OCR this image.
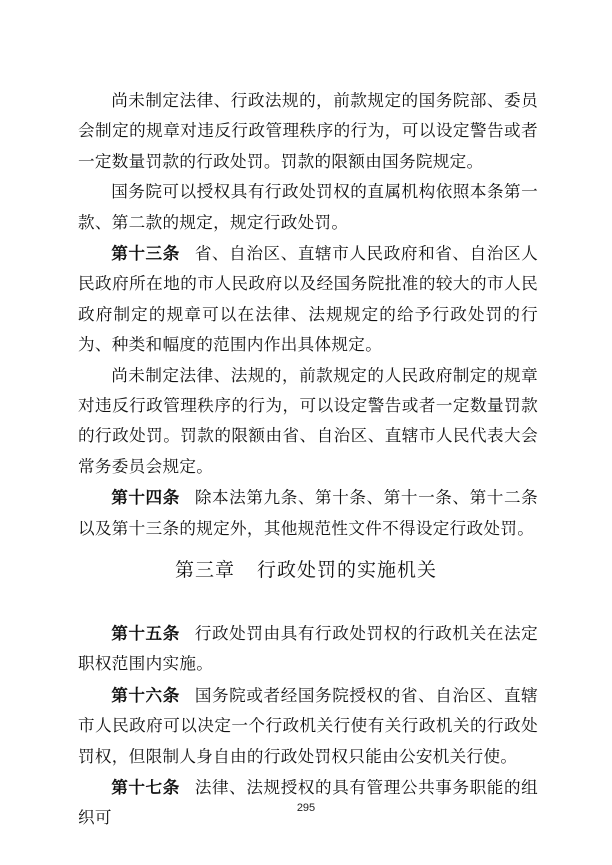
尚未制定法律、行政法规的，前款规定的国务院部、委员会制定的规章对违反行政管理秩序的行为，可以设定警告或者一定数量罚款的行政处罚。罚款的限额由国务院规定。

国务院可以授权具有行政处罚权的直属机构依照本条第一款、第二款的规定，规定行政处罚。

第十三条 省、自治区、直辖市人民政府和省、自治区人民政府所在地的市人民政府以及经国务院批准的较大的市人民政府制定的规章可以在法律、法规规定的给予行政处罚的行为、种类和幅度的范围内作出具体规定。

尚未制定法律、法规的，前款规定的人民政府制定的规章对违反行政管理秩序的行为，可以设定警告或者一定数量罚款的行政处罚。罚款的限额由省、自治区、直辖市人民代表大会常务委员会规定。

第十四条 除本法第九条、第十条、第十一条、第十二条以及第十三条的规定外，其他规范性文件不得设定行政处罚。

第三章 行政处罚的实施机关

第十五条 行政处罚由具有行政处罚权的行政机关在法定职权范围内实施。

第十六条 国务院或者经国务院授权的省、自治区、直辖市人民政府可以决定一个行政机关行使有关行政机关的行政处罚权，但限制人身自由的行政处罚权只能由公安机关行使。

第十七条 法律、法规授权的具有管理公共事务职能的组织可

295
